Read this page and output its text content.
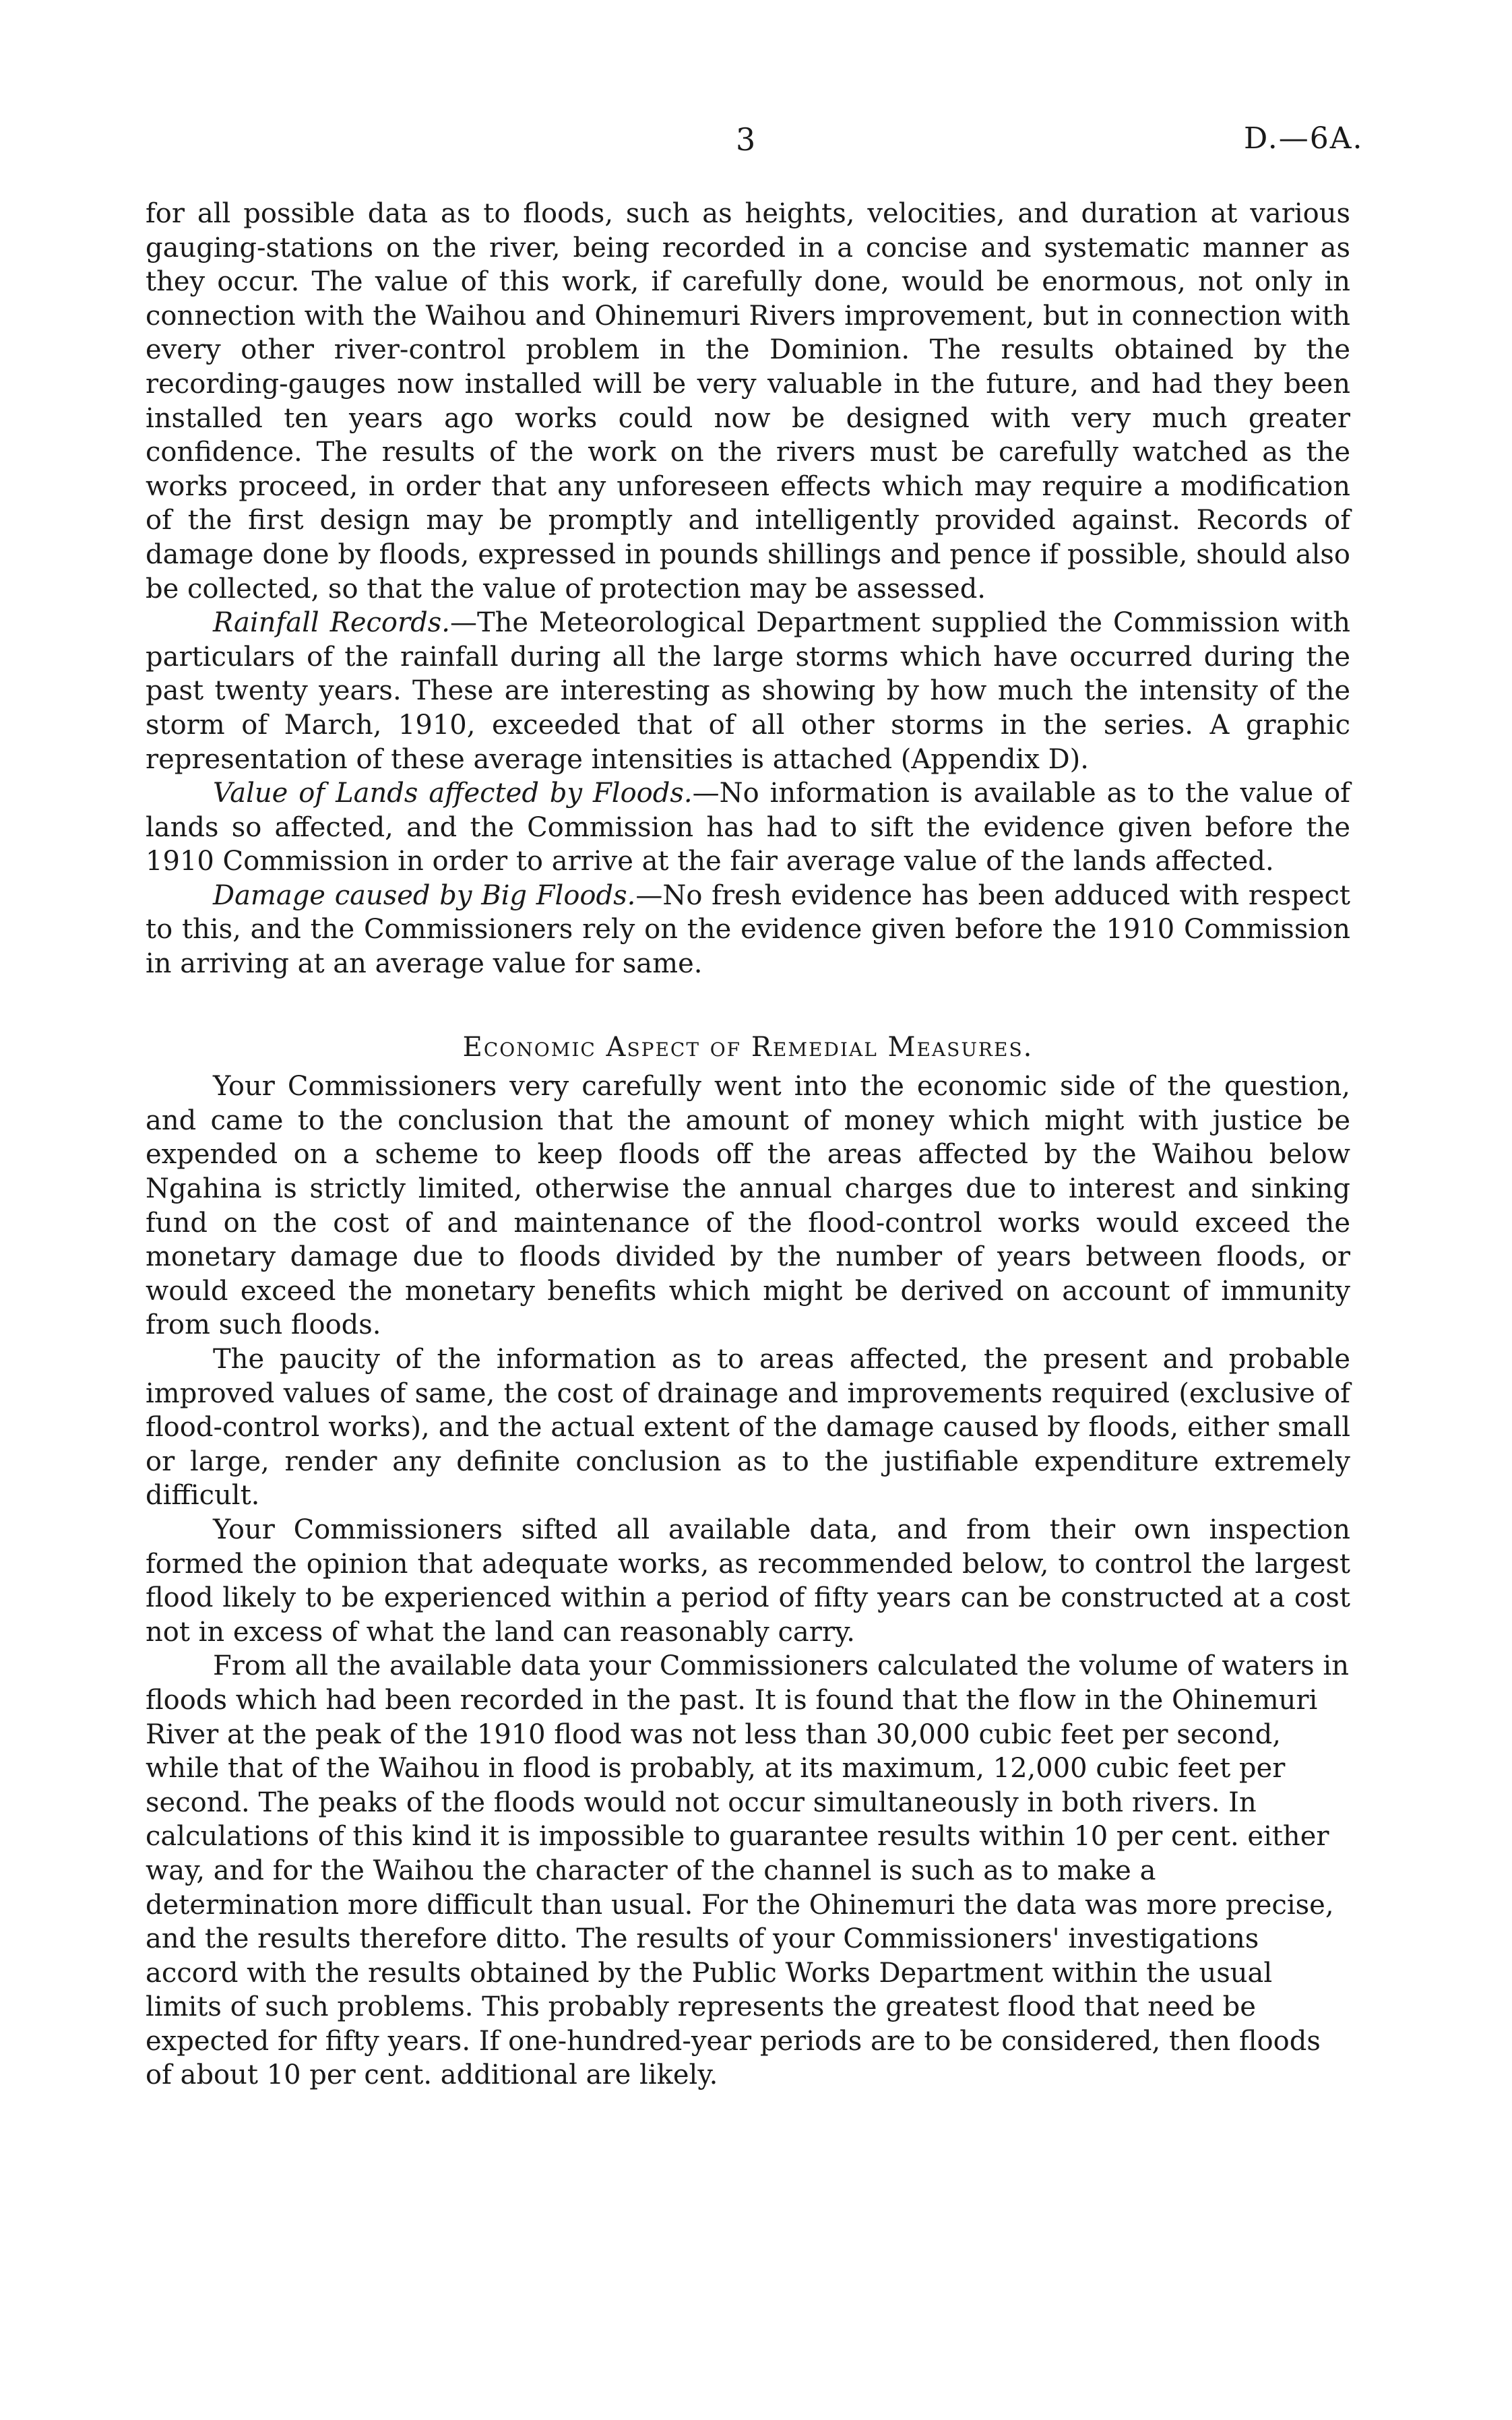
3	D.—6A.

for all possible data as to floods, such as heights, velocities, and duration at various gauging-stations on the river, being recorded in a concise and systematic manner as they occur. The value of this work, if carefully done, would be enormous, not only in connection with the Waihou and Ohinemuri Rivers improvement, but in connection with every other river-control problem in the Dominion. The results obtained by the recording-gauges now installed will be very valuable in the future, and had they been installed ten years ago works could now be designed with very much greater confidence. The results of the work on the rivers must be carefully watched as the works proceed, in order that any unforeseen effects which may require a modification of the first design may be promptly and intelligently provided against. Records of damage done by floods, expressed in pounds shillings and pence if possible, should also be collected, so that the value of protection may be assessed.

Rainfall Records.—The Meteorological Department supplied the Commission with particulars of the rainfall during all the large storms which have occurred during the past twenty years. These are interesting as showing by how much the intensity of the storm of March, 1910, exceeded that of all other storms in the series. A graphic representation of these average intensities is attached (Appendix D).

Value of Lands affected by Floods.—No information is available as to the value of lands so affected, and the Commission has had to sift the evidence given before the 1910 Commission in order to arrive at the fair average value of the lands affected.

Damage caused by Big Floods.—No fresh evidence has been adduced with respect to this, and the Commissioners rely on the evidence given before the 1910 Commission in arriving at an average value for same.

Economic Aspect of Remedial Measures.

Your Commissioners very carefully went into the economic side of the question, and came to the conclusion that the amount of money which might with justice be expended on a scheme to keep floods off the areas affected by the Waihou below Ngahina is strictly limited, otherwise the annual charges due to interest and sinking fund on the cost of and maintenance of the flood-control works would exceed the monetary damage due to floods divided by the number of years between floods, or would exceed the monetary benefits which might be derived on account of immunity from such floods.

The paucity of the information as to areas affected, the present and probable improved values of same, the cost of drainage and improvements required (exclusive of flood-control works), and the actual extent of the damage caused by floods, either small or large, render any definite conclusion as to the justifiable expenditure extremely difficult.

Your Commissioners sifted all available data, and from their own inspection formed the opinion that adequate works, as recommended below, to control the largest flood likely to be experienced within a period of fifty years can be constructed at a cost not in excess of what the land can reasonably carry.

From all the available data your Commissioners calculated the volume of waters in floods which had been recorded in the past. It is found that the flow in the Ohinemuri River at the peak of the 1910 flood was not less than 30,000 cubic feet per second, while that of the Waihou in flood is probably, at its maximum, 12,000 cubic feet per second. The peaks of the floods would not occur simultaneously in both rivers. In calculations of this kind it is impossible to guarantee results within 10 per cent. either way, and for the Waihou the character of the channel is such as to make a determination more difficult than usual. For the Ohinemuri the data was more precise, and the results therefore ditto. The results of your Commissioners' investigations accord with the results obtained by the Public Works Department within the usual limits of such problems. This probably represents the greatest flood that need be expected for fifty years. If one-hundred-year periods are to be considered, then floods of about 10 per cent. additional are likely.
